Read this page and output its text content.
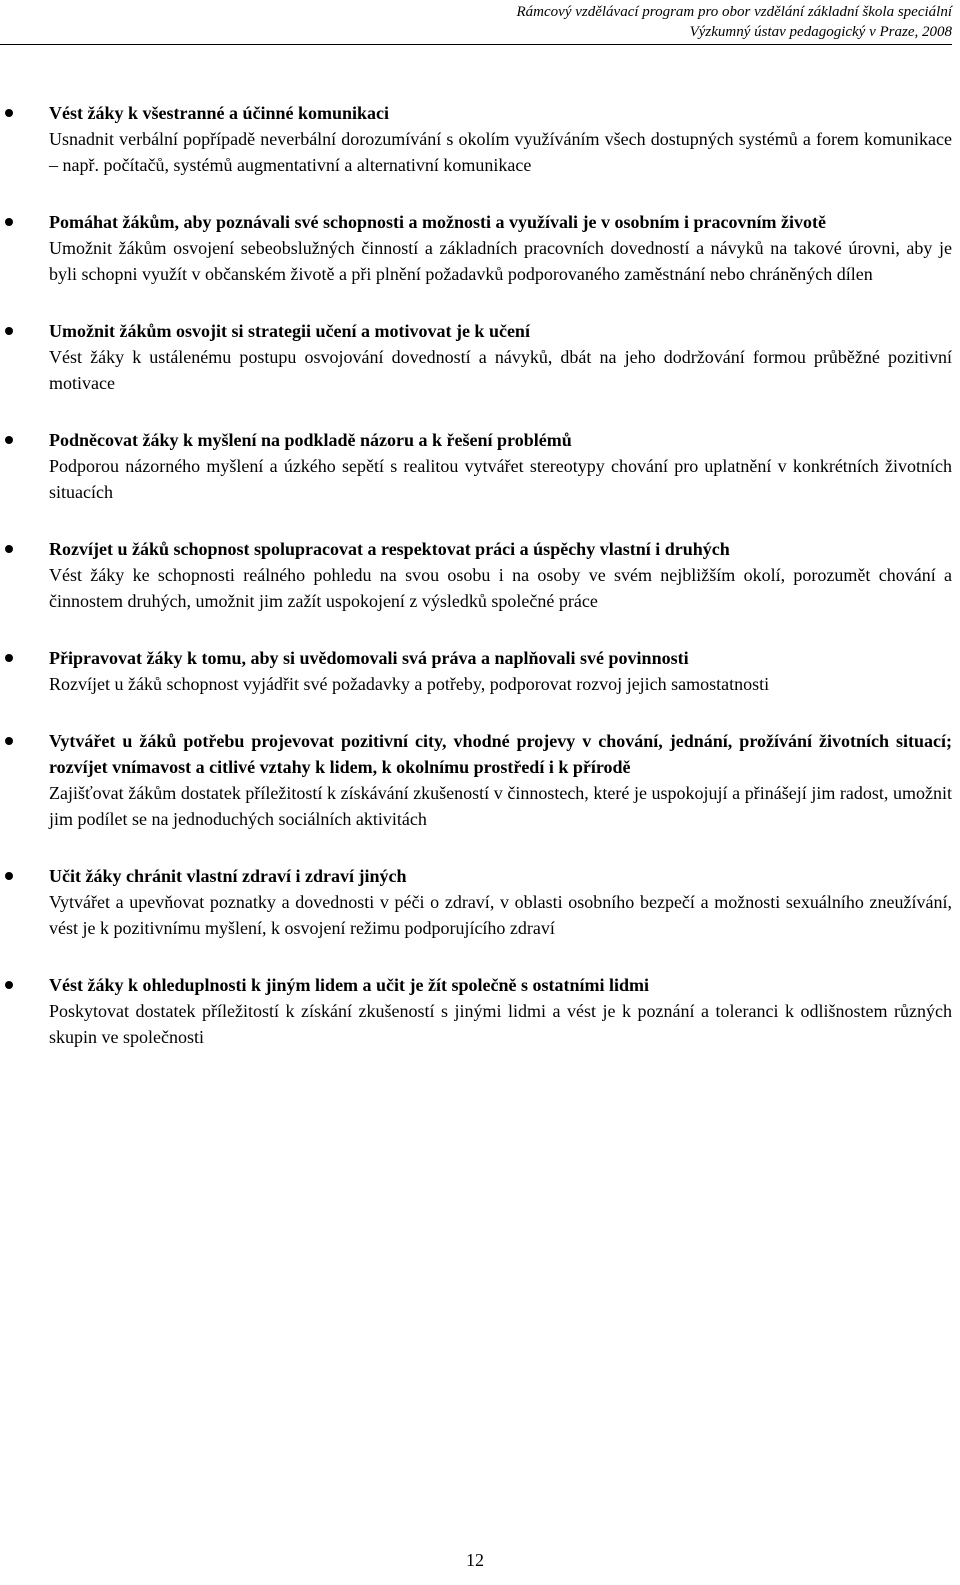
Rámcový vzdělávací program pro obor vzdělání základní škola speciální
Výzkumný ústav pedagogický v Praze, 2008
Vést žáky k všestranné a účinné komunikaci
Usnadnit verbální popřípadě neverbální dorozumívání s okolím využíváním všech dostupných systémů a forem komunikace – např. počítačů, systémů augmentativní a alternativní komunikace
Pomáhat žákům, aby poznávali své schopnosti a možnosti a využívali je v osobním i pracovním životě
Umožnit žákům osvojení sebeobslužných činností a základních pracovních dovedností a návyků na takové úrovni, aby je byli schopni využít v občanském životě a při plnění požadavků podporovaného zaměstnání nebo chráněných dílen
Umožnit žákům osvojit si strategii učení a motivovat je k učení
Vést žáky k ustálenému postupu osvojování dovedností a návyků, dbát na jeho dodržování formou průběžné pozitivní motivace
Podněcovat žáky k myšlení na podkladě názoru a k řešení problémů
Podporou názorného myšlení a úzkého sepětí s realitou vytvářet stereotypy chování pro uplatnění v konkrétních životních situacích
Rozvíjet u žáků schopnost spolupracovat a respektovat práci a úspěchy vlastní i druhých
Vést žáky ke schopnosti reálného pohledu na svou osobu i na osoby ve svém nejbližším okolí, porozumět chování a činnostem druhých, umožnit jim zažít uspokojení z výsledků společné práce
Připravovat žáky k tomu, aby si uvědomovali svá práva a naplňovali své povinnosti
Rozvíjet u žáků schopnost vyjádřit své požadavky a potřeby, podporovat rozvoj jejich samostatnosti
Vytvářet u žáků potřebu projevovat pozitivní city, vhodné projevy v chování, jednání, prožívání životních situací; rozvíjet vnímavost a citlivé vztahy k lidem, k okolnímu prostředí i k přírodě
Zajišťovat žákům dostatek příležitostí k získávání zkušeností v činnostech, které je uspokojují a přinášejí jim radost, umožnit jim podílet se na jednoduchých sociálních aktivitách
Učit žáky chránit vlastní zdraví i zdraví jiných
Vytvářet a upevňovat poznatky a dovednosti v péči o zdraví, v oblasti osobního bezpečí a možnosti sexuálního zneužívání, vést je k pozitivnímu myšlení, k osvojení režimu podporujícího zdraví
Vést žáky k ohleduplnosti k jiným lidem a učit je žít společně s ostatními lidmi
Poskytovat dostatek příležitostí k získání zkušeností s jinými lidmi a vést je k poznání a toleranci k odlišnostem různých skupin ve společnosti
12
